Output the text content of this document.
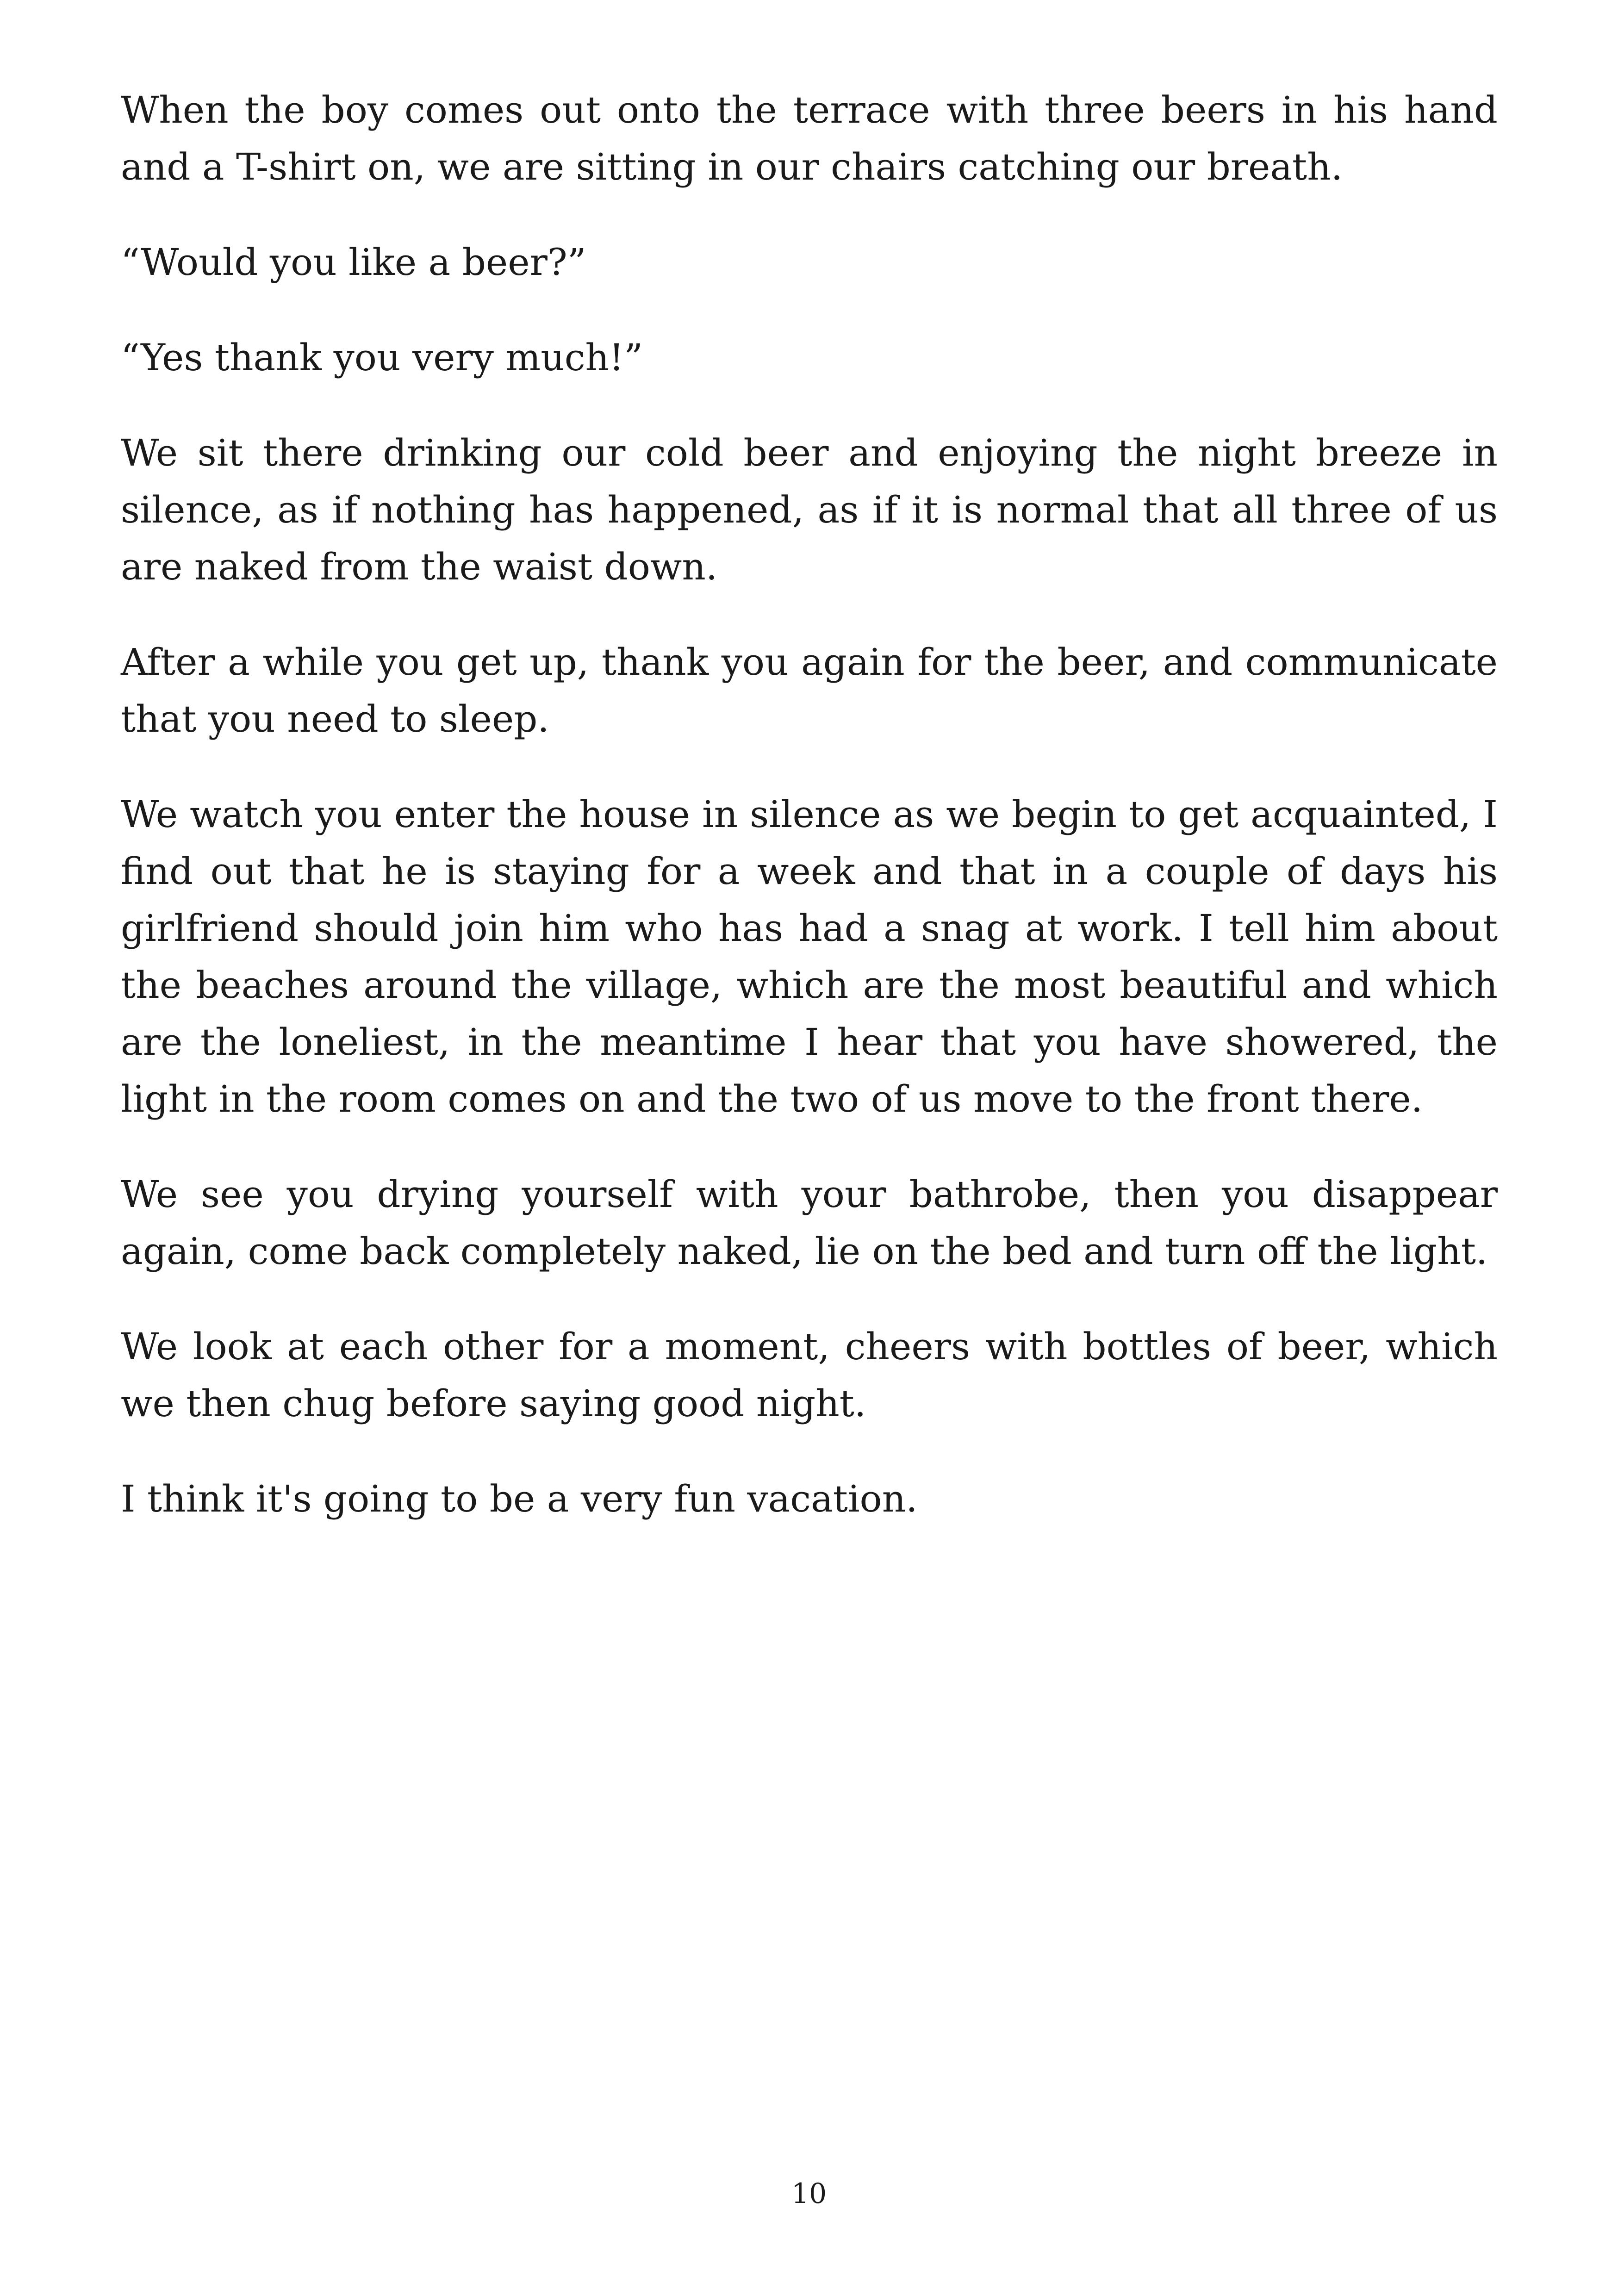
When the boy comes out onto the terrace with three beers in his hand and a T-shirt on, we are sitting in our chairs catching our breath.

“Would you like a beer?”

“Yes thank you very much!”

We sit there drinking our cold beer and enjoying the night breeze in silence, as if nothing has happened, as if it is normal that all three of us are naked from the waist down.

After a while you get up, thank you again for the beer, and communicate that you need to sleep.

We watch you enter the house in silence as we begin to get acquainted, I find out that he is staying for a week and that in a couple of days his girlfriend should join him who has had a snag at work. I tell him about the beaches around the village, which are the most beautiful and which are the loneliest, in the meantime I hear that you have showered, the light in the room comes on and the two of us move to the front there.

We see you drying yourself with your bathrobe, then you disappear again, come back completely naked, lie on the bed and turn off the light.

We look at each other for a moment, cheers with bottles of beer, which we then chug before saying good night.

I think it's going to be a very fun vacation.

10
